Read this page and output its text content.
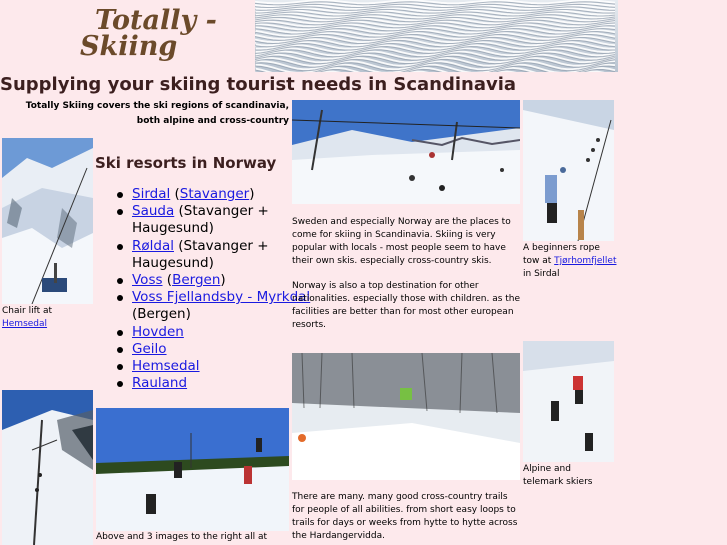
Totally -
Skiing
Supplying your skiing tourist needs in Scandinavia
Totally Skiing covers the ski regions of scandinavia, both alpine and cross-country
Chair lift at Hemsedal
Ski resorts in Norway
Sirdal (Stavanger)
Sauda (Stavanger + Haugesund)
Røldal (Stavanger + Haugesund)
Voss (Bergen)
Voss Fjellandsby - Myrkdal (Bergen)
Hovden
Geilo
Hemsedal
Rauland
Sweden and especially Norway are the places to come for skiing in Scandinavia. Skiing is very popular with locals - most people seem to have their own skis. especially cross-country skis.
Norway is also a top destination for other nationalities. especially those with children. as the facilities are better than for most other european resorts.
A beginners rope tow at Tjørhomfjellet in Sirdal
There are many. many good cross-country trails for people of all abilities. from short easy loops to trails for days or weeks from hytte to hytte across the Hardangervidda.
Alpine and telemark skiers
Above and 3 images to the right all at
